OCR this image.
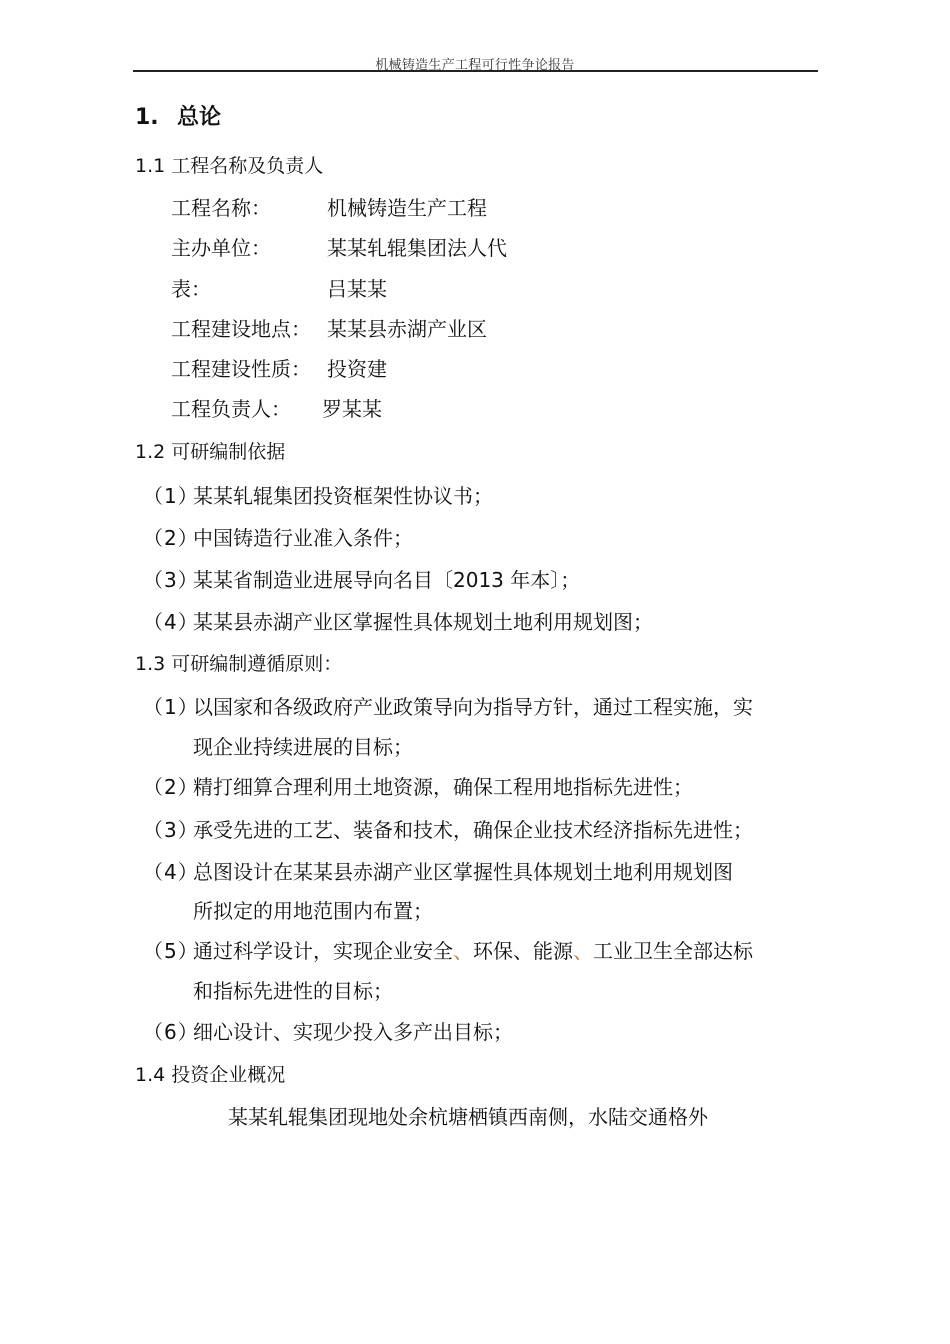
机械铸造生产工程可行性争论报告
1. 总论
1.1 工程名称及负责人
工程名称：	机械铸造生产工程
主办单位：	某某轧辊集团法人代
表：	吕某某
工程建设地点： 某某县赤湖产业区
工程建设性质： 投资建
工程负责人： 罗某某
1.2 可研编制依据
（1）某某轧辊集团投资框架性协议书；
（2）中国铸造行业准入条件；
（3）某某省制造业进展导向名目〔2013 年本〕；
（4）某某县赤湖产业区掌握性具体规划土地利用规划图；
1.3 可研编制遵循原则：
（1）以国家和各级政府产业政策导向为指导方针，通过工程实施，实
现企业持续进展的目标；
（2）精打细算合理利用土地资源，确保工程用地指标先进性；
（3）承受先进的工艺、装备和技术，确保企业技术经济指标先进性；
（4）总图设计在某某县赤湖产业区掌握性具体规划土地利用规划图
所拟定的用地范围内布置；
（5）通过科学设计，实现企业安全、环保、能源、工业卫生全部达标
和指标先进性的目标；
（6）细心设计、实现少投入多产出目标；
1.4 投资企业概况
某某轧辊集团现地处余杭塘栖镇西南侧，水陆交通格外
